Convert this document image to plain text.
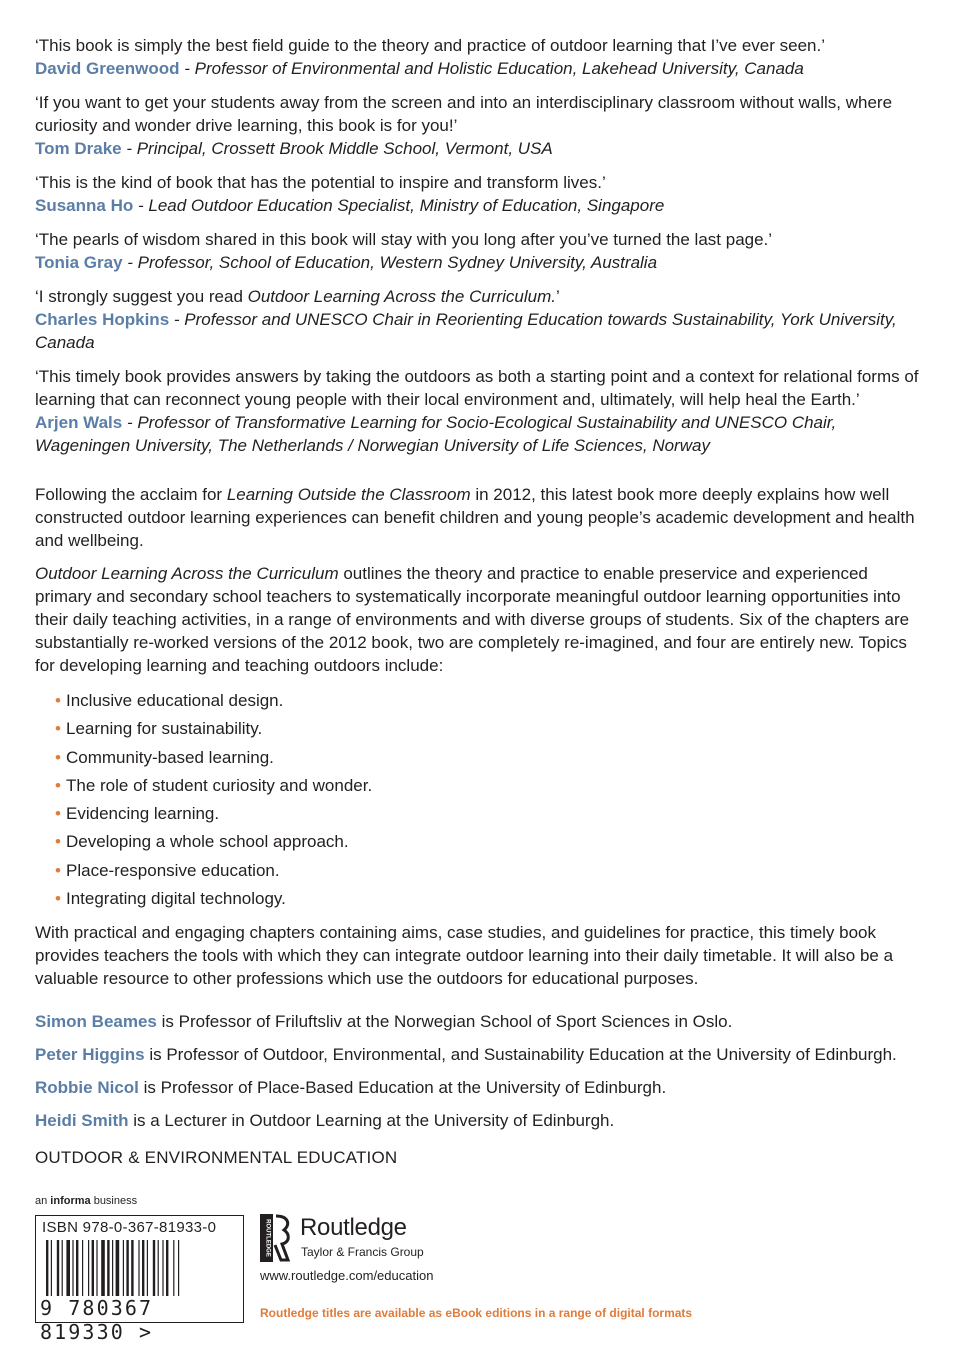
‘This book is simply the best field guide to the theory and practice of outdoor learning that I’ve ever seen.’

David Greenwood - Professor of Environmental and Holistic Education, Lakehead University, Canada

‘If you want to get your students away from the screen and into an interdisciplinary classroom without walls, where curiosity and wonder drive learning, this book is for you!’

Tom Drake - Principal, Crossett Brook Middle School, Vermont, USA

‘This is the kind of book that has the potential to inspire and transform lives.’

Susanna Ho - Lead Outdoor Education Specialist, Ministry of Education, Singapore

‘The pearls of wisdom shared in this book will stay with you long after you’ve turned the last page.’

Tonia Gray - Professor, School of Education, Western Sydney University, Australia

‘I strongly suggest you read Outdoor Learning Across the Curriculum.’

Charles Hopkins - Professor and UNESCO Chair in Reorienting Education towards Sustainability, York University, Canada

‘This timely book provides answers by taking the outdoors as both a starting point and a context for relational forms of learning that can reconnect young people with their local environment and, ultimately, will help heal the Earth.’

Arjen Wals - Professor of Transformative Learning for Socio-Ecological Sustainability and UNESCO Chair, Wageningen University, The Netherlands / Norwegian University of Life Sciences, Norway

Following the acclaim for Learning Outside the Classroom in 2012, this latest book more deeply explains how well constructed outdoor learning experiences can benefit children and young people’s academic development and health and wellbeing.

Outdoor Learning Across the Curriculum outlines the theory and practice to enable preservice and experienced primary and secondary school teachers to systematically incorporate meaningful outdoor learning opportunities into their daily teaching activities, in a range of environments and with diverse groups of students. Six of the chapters are substantially re-worked versions of the 2012 book, two are completely re-imagined, and four are entirely new. Topics for developing learning and teaching outdoors include:

• Inclusive educational design.
• Learning for sustainability.
• Community-based learning.
• The role of student curiosity and wonder.
• Evidencing learning.
• Developing a whole school approach.
• Place-responsive education.
• Integrating digital technology.

With practical and engaging chapters containing aims, case studies, and guidelines for practice, this timely book provides teachers the tools with which they can integrate outdoor learning into their daily timetable. It will also be a valuable resource to other professions which use the outdoors for educational purposes.

Simon Beames is Professor of Friluftsliv at the Norwegian School of Sport Sciences in Oslo.

Peter Higgins is Professor of Outdoor, Environmental, and Sustainability Education at the University of Edinburgh.

Robbie Nicol is Professor of Place-Based Education at the University of Edinburgh.

Heidi Smith is a Lecturer in Outdoor Learning at the University of Edinburgh.

OUTDOOR & ENVIRONMENTAL EDUCATION
an informa business
ISBN 978-0-367-81933-0
9 780367 819330 >
ROUTLEDGE Routledge
Taylor & Francis Group
www.routledge.com/education
Routledge titles are available as eBook editions in a range of digital formats
